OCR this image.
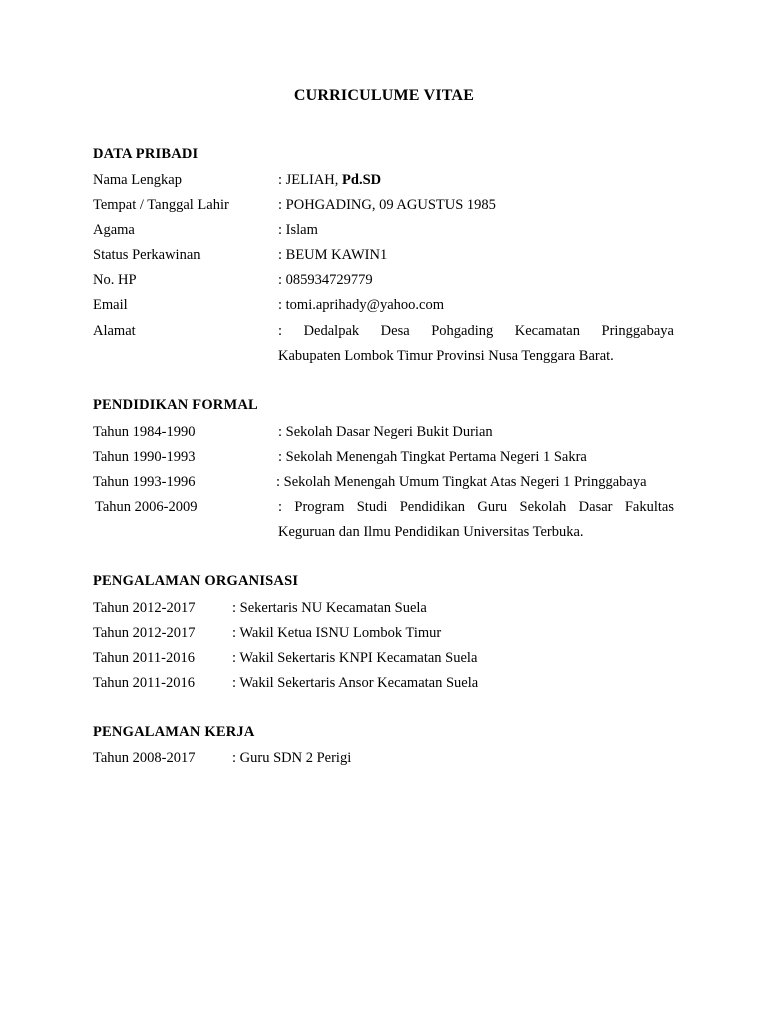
CURRICULUME VITAE
DATA PRIBADI
Nama Lengkap	: JELIAH, Pd.SD
Tempat / Tanggal Lahir	: POHGADING, 09 AGUSTUS 1985
Agama	: Islam
Status Perkawinan	: BEUM KAWIN1
No. HP	: 085934729779
Email	: tomi.aprihady@yahoo.com
Alamat	: Dedalpak Desa Pohgading Kecamatan Pringgabaya
Kabupaten Lombok Timur Provinsi Nusa Tenggara Barat.
PENDIDIKAN FORMAL
Tahun 1984-1990	: Sekolah Dasar Negeri Bukit Durian
Tahun 1990-1993	: Sekolah Menengah Tingkat Pertama Negeri 1 Sakra
Tahun 1993-1996	: Sekolah Menengah Umum Tingkat Atas Negeri 1 Pringgabaya
Tahun 2006-2009	: Program Studi Pendidikan Guru Sekolah Dasar Fakultas
Keguruan dan Ilmu Pendidikan Universitas Terbuka.
PENGALAMAN ORGANISASI
Tahun 2012-2017	: Sekertaris NU Kecamatan Suela
Tahun 2012-2017	: Wakil Ketua ISNU Lombok Timur
Tahun 2011-2016	: Wakil Sekertaris KNPI Kecamatan Suela
Tahun 2011-2016	: Wakil Sekertaris Ansor Kecamatan Suela
PENGALAMAN KERJA
Tahun 2008-2017	: Guru SDN 2 Perigi
